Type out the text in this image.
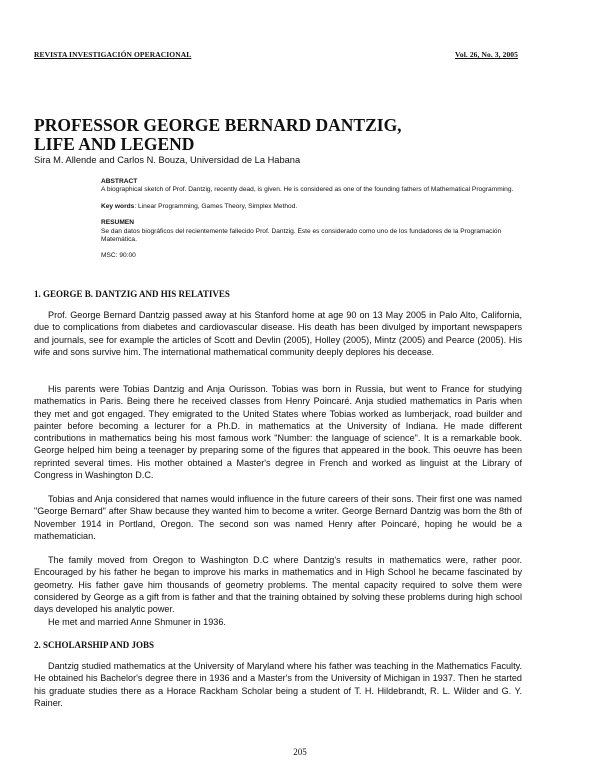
REVISTA INVESTIGACIÓN OPERACIONAL	Vol. 26, No. 3, 2005
PROFESSOR GEORGE BERNARD DANTZIG,
LIFE AND LEGEND
Sira M. Allende and Carlos N. Bouza, Universidad de La Habana
ABSTRACT
A biographical sketch of Prof. Dantzig, recently dead, is given. He is considered as one of the founding fathers of Mathematical Programming.
Key words: Linear Programming, Games Theory, Simplex Method.
RESUMEN
Se dan datos biográficos del recientemente fallecido Prof. Dantzig. Este es considerado como uno de los fundadores de la Programación Matemática.
MSC: 90:00
1. GEORGE B. DANTZIG AND HIS RELATIVES

Prof. George Bernard Dantzig passed away at his Stanford home at age 90 on 13 May 2005 in Palo Alto, California, due to complications from diabetes and cardiovascular disease. His death has been divulged by important newspapers and journals, see for example the articles of Scott and Devlin (2005), Holley (2005), Mintz (2005) and Pearce (2005). His wife and sons survive him. The international mathematical community deeply deplores his decease.

His parents were Tobias Dantzig and Anja Ourisson. Tobias was born in Russia, but went to France for studying mathematics in Paris. Being there he received classes from Henry Poincaré. Anja studied mathematics in Paris when they met and got engaged. They emigrated to the United States where Tobias worked as lumberjack, road builder and painter before becoming a lecturer for a Ph.D. in mathematics at the University of Indiana. He made different contributions in mathematics being his most famous work "Number: the language of science". It is a remarkable book. George helped him being a teenager by preparing some of the figures that appeared in the book. This oeuvre has been reprinted several times. His mother obtained a Master's degree in French and worked as linguist at the Library of Congress in Washington D.C.

Tobias and Anja considered that names would influence in the future careers of their sons. Their first one was named "George Bernard" after Shaw because they wanted him to become a writer. George Bernard Dantzig was born the 8th of November 1914 in Portland, Oregon. The second son was named Henry after Poincaré, hoping he would be a mathematician.

The family moved from Oregon to Washington D.C where Dantzig's results in mathematics were, rather poor. Encouraged by his father he began to improve his marks in mathematics and in High School he became fascinated by geometry. His father gave him thousands of geometry problems. The mental capacity required to solve them were considered by George as a gift from is father and that the training obtained by solving these problems during high school days developed his analytic power.

He met and married Anne Shmuner in 1936.

2. SCHOLARSHIP AND JOBS

Dantzig studied mathematics at the University of Maryland where his father was teaching in the Mathematics Faculty. He obtained his Bachelor's degree there in 1936 and a Master's from the University of Michigan in 1937. Then he started his graduate studies there as a Horace Rackham Scholar being a student of T. H. Hildebrandt, R. L. Wilder and G. Y. Rainer.

205
